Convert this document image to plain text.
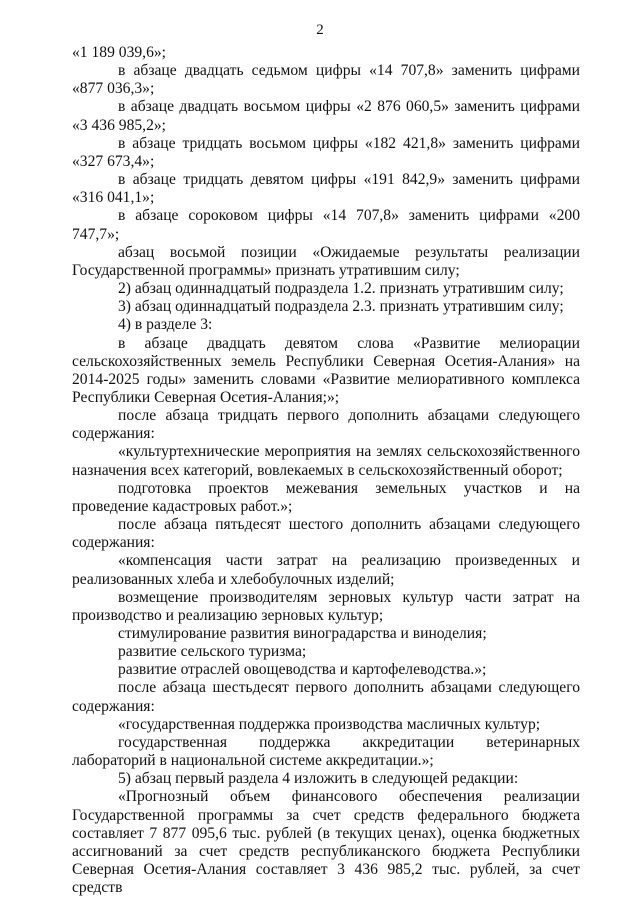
2

«1 189 039,6»;

в абзаце двадцать седьмом цифры «14 707,8» заменить цифрами «877 036,3»;

в абзаце двадцать восьмом цифры «2 876 060,5» заменить цифрами «3 436 985,2»;

в абзаце тридцать восьмом цифры «182 421,8» заменить цифрами «327 673,4»;

в абзаце тридцать девятом цифры «191 842,9» заменить цифрами «316 041,1»;

в абзаце сороковом цифры «14 707,8» заменить цифрами «200 747,7»;

абзац восьмой позиции «Ожидаемые результаты реализации Государственной программы» признать утратившим силу;

2) абзац одиннадцатый подраздела 1.2. признать утратившим силу;

3) абзац одиннадцатый подраздела 2.3. признать утратившим силу;

4) в разделе 3:

в абзаце двадцать девятом слова «Развитие мелиорации сельскохозяйственных земель Республики Северная Осетия-Алания» на 2014-2025 годы» заменить словами «Развитие мелиоративного комплекса Республики Северная Осетия-Алания;»;

после абзаца тридцать первого дополнить абзацами следующего содержания:

«культуртехнические мероприятия на землях сельскохозяйственного назначения всех категорий, вовлекаемых в сельскохозяйственный оборот;

подготовка проектов межевания земельных участков и на проведение кадастровых работ.»;

после абзаца пятьдесят шестого дополнить абзацами следующего содержания:

«компенсация части затрат на реализацию произведенных и реализованных хлеба и хлебобулочных изделий;

возмещение производителям зерновых культур части затрат на производство и реализацию зерновых культур;

стимулирование развития виноградарства и виноделия;

развитие сельского туризма;

развитие отраслей овощеводства и картофелеводства.»;

после абзаца шестьдесят первого дополнить абзацами следующего содержания:

«государственная поддержка производства масличных культур;

государственная поддержка аккредитации ветеринарных лабораторий в национальной системе аккредитации.»;

5) абзац первый раздела 4 изложить в следующей редакции:

«Прогнозный объем финансового обеспечения реализации Государственной программы за счет средств федерального бюджета составляет 7 877 095,6 тыс. рублей (в текущих ценах), оценка бюджетных ассигнований за счет средств республиканского бюджета Республики Северная Осетия-Алания составляет 3 436 985,2 тыс. рублей, за счет средств
